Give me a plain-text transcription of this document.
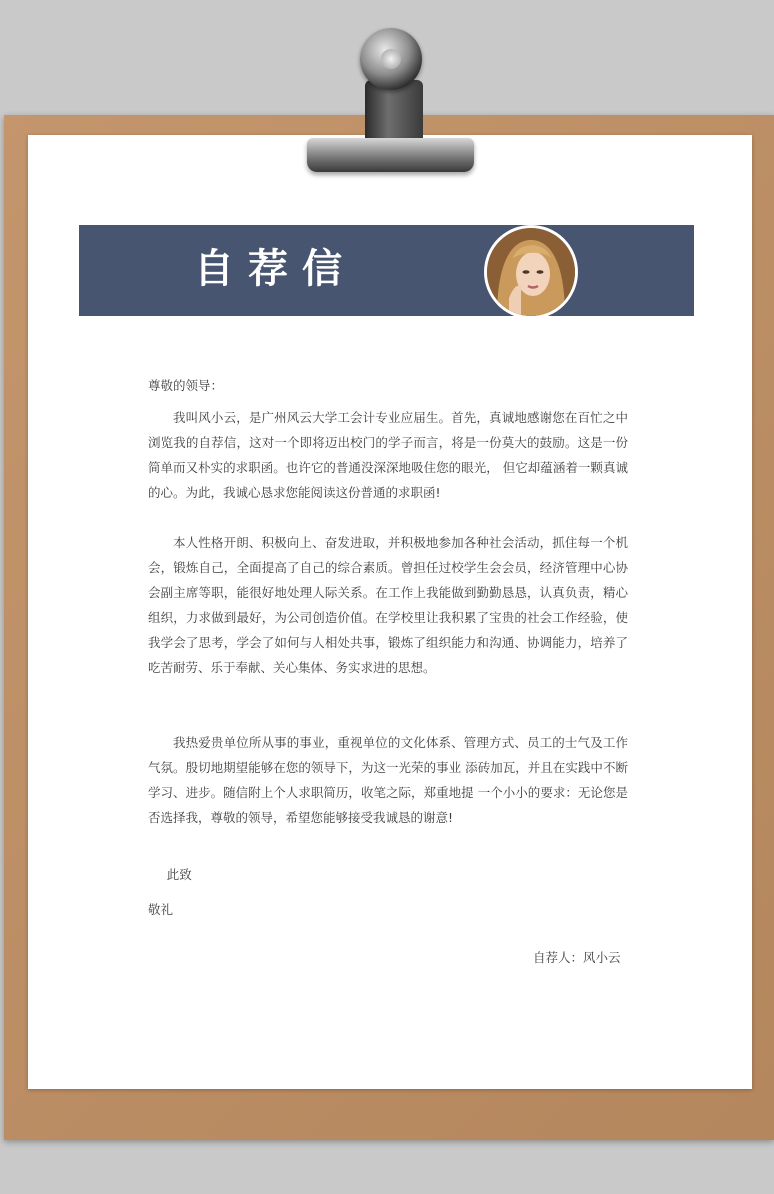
自荐信

尊敬的领导：

我叫风小云，是广州风云大学工会计专业应届生。首先，真诚地感谢您在百忙之中浏览我的自荐信，这对一个即将迈出校门的学子而言，将是一份莫大的鼓励。这是一份简单而又朴实的求职函。也许它的普通没深深地吸住您的眼光， 但它却蕴涵着一颗真诚的心。为此，我诚心恳求您能阅读这份普通的求职函!

本人性格开朗、积极向上、奋发进取，并积极地参加各种社会活动，抓住每一个机会，锻炼自己，全面提高了自己的综合素质。曾担任过校学生会会员，经济管理中心协会副主席等职，能很好地处理人际关系。在工作上我能做到勤勤恳恳，认真负责，精心组织，力求做到最好，为公司创造价值。在学校里让我积累了宝贵的社会工作经验，使我学会了思考，学会了如何与人相处共事，锻炼了组织能力和沟通、协调能力，培养了吃苦耐劳、乐于奉献、关心集体、务实求进的思想。

我热爱贵单位所从事的事业，重视单位的文化体系、管理方式、员工的士气及工作气氛。殷切地期望能够在您的领导下，为这一光荣的事业 添砖加瓦，并且在实践中不断学习、进步。随信附上个人求职简历，收笔之际，郑重地提 一个小小的要求：无论您是否选择我，尊敬的领导，希望您能够接受我诚恳的谢意!

此致

敬礼

自荐人：风小云
